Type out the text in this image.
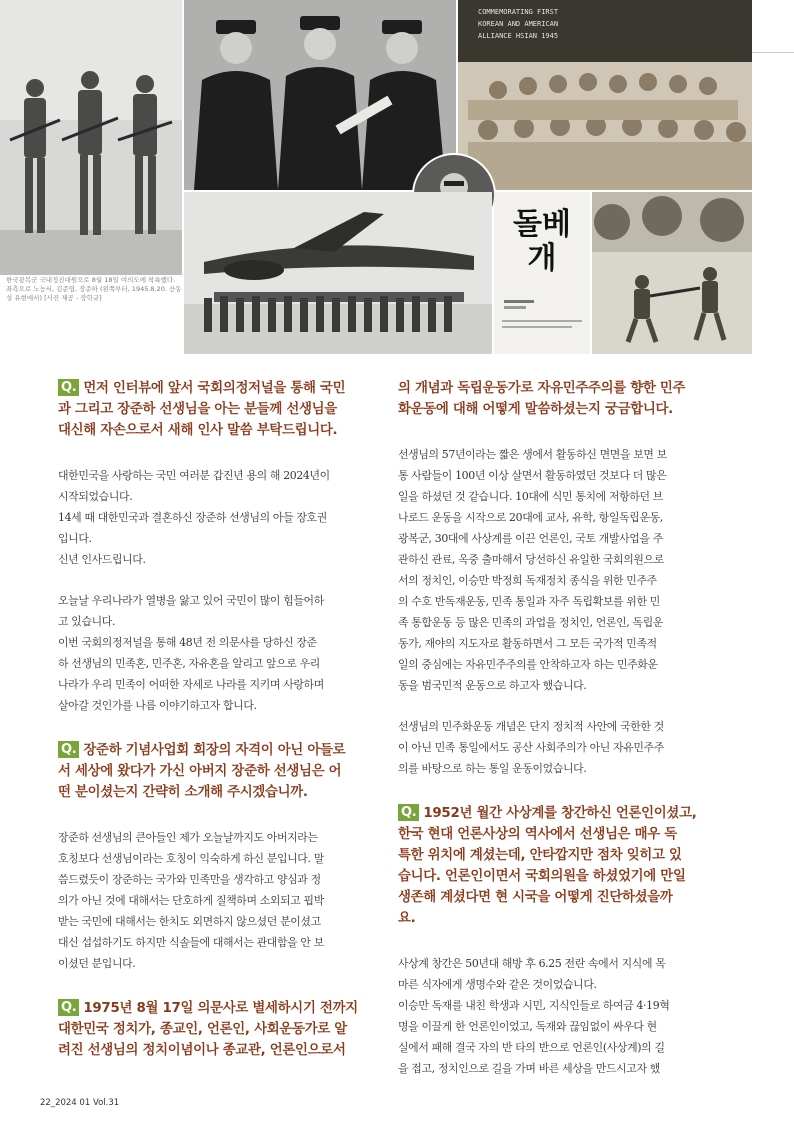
한국광복군 국내정진대원으로 8월 18일 여의도에 착륙했다. 좌측으로 노능서, 김준엽, 장준하 (왼쪽부터, 1945.8.20. 산동성 유현에서) [사진 제공 - 장학규]
COMMEMORATING FIRST
KOREAN AND AMERICAN
ALLIANCE HSIAN 1945
돌베
개
Q. 먼저 인터뷰에 앞서 국회의정저널을 통해 국민
과 그리고 장준하 선생님을 아는 분들께 선생님을
대신해 자손으로서 새해 인사 말씀 부탁드립니다.
대한민국을 사랑하는 국민 여러분 갑진년 용의 해 2024년이
시작되었습니다.
14세 때 대한민국과 결혼하신 장준하 선생님의 아들 장호권
입니다.
신년 인사드립니다.
오늘날 우리나라가 열병을 앓고 있어 국민이 많이 힘들어하
고 있습니다.
이번 국회의정저널을 통해 48년 전 의문사를 당하신 장준
하 선생님의 민족혼, 민주혼, 자유혼을 알리고 앞으로 우리
나라가 우리 민족이 어떠한 자세로 나라를 지키며 사랑하며
살아갈 것인가를 나름 이야기하고자 합니다.
Q. 장준하 기념사업회 회장의 자격이 아닌 아들로
서 세상에 왔다가 가신 아버지 장준하 선생님은 어
떤 분이셨는지 간략히 소개해 주시겠습니까.
장준하 선생님의 큰아들인 제가 오늘날까지도 아버지라는
호칭보다 선생님이라는 호칭이 익숙하게 하신 분입니다. 말
씀드렸듯이 장준하는 국가와 민족만을 생각하고 양심과 정
의가 아닌 것에 대해서는 단호하게 질책하며 소외되고 핍박
받는 국민에 대해서는 한치도 외면하지 않으셨던 분이셨고
대신 섭섭하기도 하지만 식솔들에 대해서는 관대함을 안 보
이셨던 분입니다.
Q. 1975년 8월 17일 의문사로 별세하시기 전까지
대한민국 정치가, 종교인, 언론인, 사회운동가로 알
려진 선생님의 정치이념이나 종교관, 언론인으로서
의 개념과 독립운동가로 자유민주주의를 향한 민주
화운동에 대해 어떻게 말씀하셨는지 궁금합니다.
선생님의 57년이라는 짧은 생에서 활동하신 면면을 보면 보
통 사람들이 100년 이상 살면서 활동하였던 것보다 더 많은
일을 하셨던 것 같습니다. 10대에 식민 통치에 저항하던 브
나로드 운동을 시작으로 20대에 교사, 유학, 항일독립운동,
광복군, 30대에 사상계를 이끈 언론인, 국토 개발사업을 주
관하신 관료, 옥중 출마해서 당선하신 유일한 국회의원으로
서의 정치인, 이승만 박정희 독재정치 종식을 위한 민주주
의 수호 반독재운동, 민족 통일과 자주 독립확보를 위한 민
족 통합운동 등 많은 민족의 과업을 정치인, 언론인, 독립운
동가, 재야의 지도자로 활동하면서 그 모든 국가적 민족적
일의 중심에는 자유민주주의를 안착하고자 하는 민주화운
동을 범국민적 운동으로 하고자 했습니다.
선생님의 민주화운동 개념은 단지 정치적 사안에 국한한 것
이 아닌 민족 통일에서도 공산 사회주의가 아닌 자유민주주
의를 바탕으로 하는 통일 운동이었습니다.
Q. 1952년 월간 사상계를 창간하신 언론인이셨고,
한국 현대 언론사상의 역사에서 선생님은 매우 독
특한 위치에 계셨는데, 안타깝지만 점차 잊히고 있
습니다. 언론인이면서 국회의원을 하셨었기에 만일
생존해 계셨다면 현 시국을 어떻게 진단하셨을까
요.
사상계 창간은 50년대 해방 후 6.25 전란 속에서 지식에 목
마른 식자에게 생명수와 같은 것이었습니다.
이승만 독재를 내친 학생과 시민, 지식인들로 하여금 4·19혁
명을 이끌게 한 언론인이었고, 독재와 끊임없이 싸우다 현
실에서 패해 결국 자의 반 타의 반으로 언론인(사상계)의 길
을 접고, 정치인으로 길을 가며 바른 세상을 만드시고자 했
22_2024 01 Vol.31
